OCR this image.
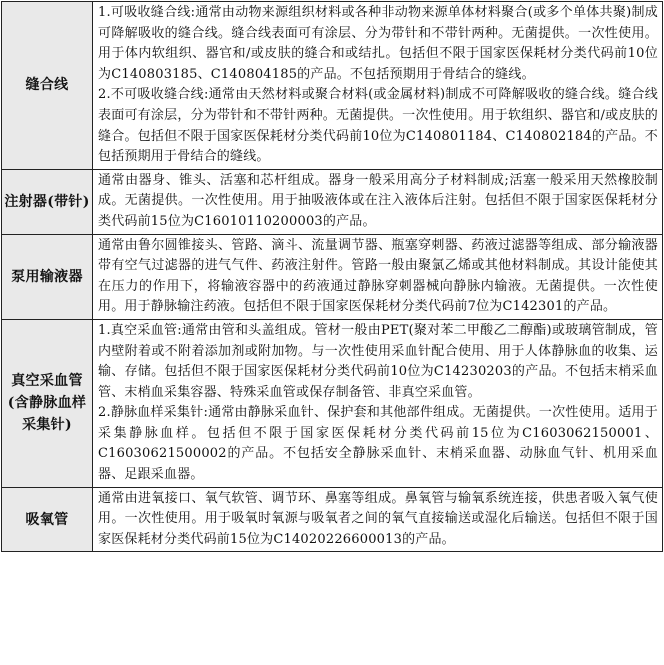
缝合线	1.可吸收缝合线:通常由动物来源组织材料或各种非动物来源单体材料聚合(或多个单体共聚)制成可降解吸收的缝合线。缝合线表面可有涂层、分为带针和不带针两种。无菌提供。一次性使用。用于体内软组织、器官和/或皮肤的缝合和或结扎。包括但不限于国家医保耗材分类代码前10位为C140803185、C140804185的产品。不包括预期用于骨结合的缝线。

2.不可吸收缝合线:通常由天然材料或聚合材料(或金属材料)制成不可降解吸收的缝合线。缝合线表面可有涂层，分为带针和不带针两种。无菌提供。一次性使用。用于软组织、器官和/或皮肤的缝合。包括但不限于国家医保耗材分类代码前10位为C140801184、C140802184的产品。不包括预期用于骨结合的缝线。

注射器(带针)	通常由器身、锥头、活塞和芯杆组成。器身一般采用高分子材料制成;活塞一般采用天然橡胶制成。无菌提供。一次性使用。用于抽吸液体或在注入液体后注射。包括但不限于国家医保耗材分类代码前15位为C16010110200003的产品。

泵用输液器	通常由鲁尔圆锥接头、管路、滴斗、流量调节器、瓶塞穿刺器、药液过滤器等组成、部分输液器带有空气过滤器的进气气件、药液注射件。管路一般由聚氯乙烯或其他材料制成。其设计能使其在压力的作用下，将输液容器中的药液通过静脉穿刺器械向静脉内输液。无菌提供。一次性使用。用于静脉输注药液。包括但不限于国家医保耗材分类代码前7位为C142301的产品。

真空采血管(含静脉血样采集针)	1.真空采血管:通常由管和头盖组成。管材一般由PET(聚对苯二甲酸乙二醇酯)或玻璃管制成，管内壁附着或不附着添加剂或附加物。与一次性使用采血针配合使用、用于人体静脉血的收集、运输、存储。包括但不限于国家医保耗材分类代码前10位为C14230203的产品。不包括末梢采血管、末梢血采集容器、特殊采血管或保存制备管、非真空采血管。

2.静脉血样采集针:通常由静脉采血针、保护套和其他部件组成。无菌提供。一次性使用。适用于采集静脉血样。包括但不限于国家医保耗材分类代码前15位为C1603062150001、C16030621500002的产品。不包括安全静脉采血针、末梢采血器、动脉血气针、机用采血器、足跟采血器。

吸氧管	通常由进氧接口、氧气软管、调节环、鼻塞等组成。鼻氧管与输氧系统连接，供患者吸入氧气使用。一次性使用。用于吸氧时氧源与吸氧者之间的氧气直接输送或湿化后输送。包括但不限于国家医保耗材分类代码前15位为C14020226600013的产品。
